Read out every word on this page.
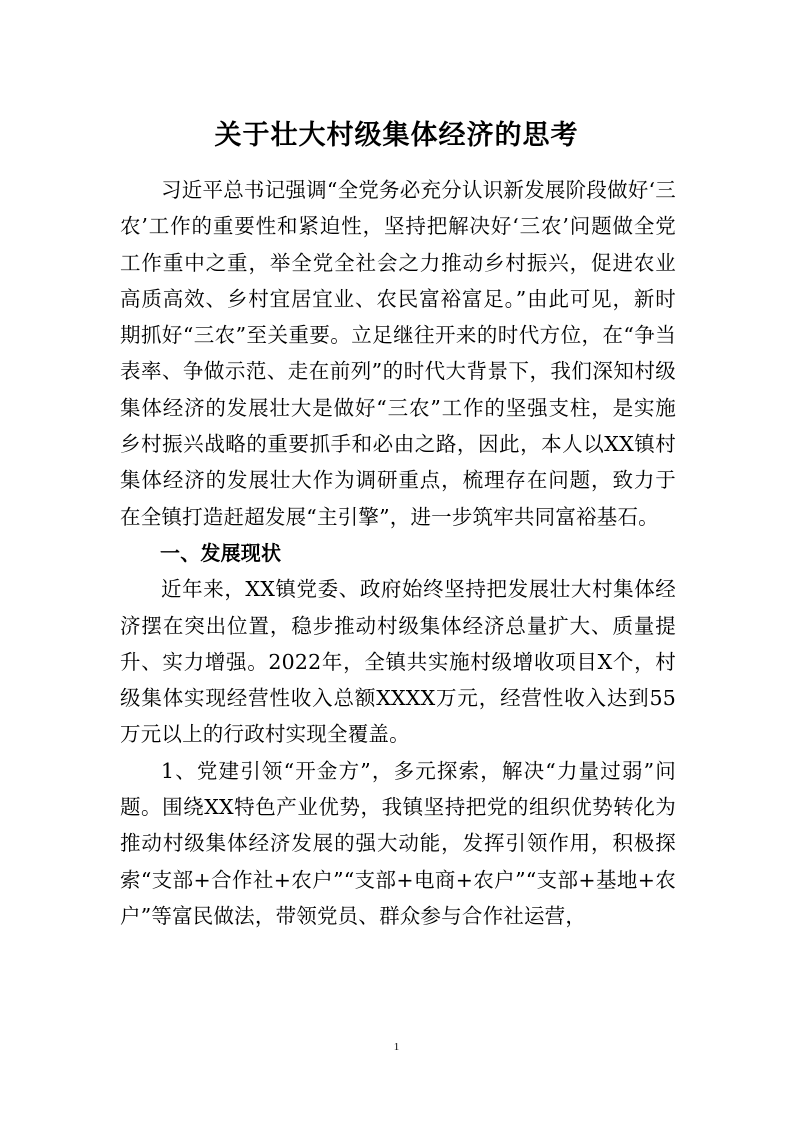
关于壮大村级集体经济的思考

习近平总书记强调“全党务必充分认识新发展阶段做好‘三农’工作的重要性和紧迫性，坚持把解决好‘三农’问题做全党工作重中之重，举全党全社会之力推动乡村振兴，促进农业高质高效、乡村宜居宜业、农民富裕富足。”由此可见，新时期抓好“三农”至关重要。立足继往开来的时代方位，在“争当表率、争做示范、走在前列”的时代大背景下，我们深知村级集体经济的发展壮大是做好“三农”工作的坚强支柱，是实施乡村振兴战略的重要抓手和必由之路，因此，本人以XX镇村集体经济的发展壮大作为调研重点，梳理存在问题，致力于在全镇打造赶超发展“主引擎”，进一步筑牢共同富裕基石。

一、发展现状

近年来，XX镇党委、政府始终坚持把发展壮大村集体经济摆在突出位置，稳步推动村级集体经济总量扩大、质量提升、实力增强。2022年，全镇共实施村级增收项目X个，村级集体实现经营性收入总额XXXX万元，经营性收入达到55万元以上的行政村实现全覆盖。

1、党建引领“开金方”，多元探索，解决“力量过弱”问题。围绕XX特色产业优势，我镇坚持把党的组织优势转化为推动村级集体经济发展的强大动能，发挥引领作用，积极探索“支部+合作社+农户”“支部+电商+农户”“支部+基地+农户”等富民做法，带领党员、群众参与合作社运营，

1
